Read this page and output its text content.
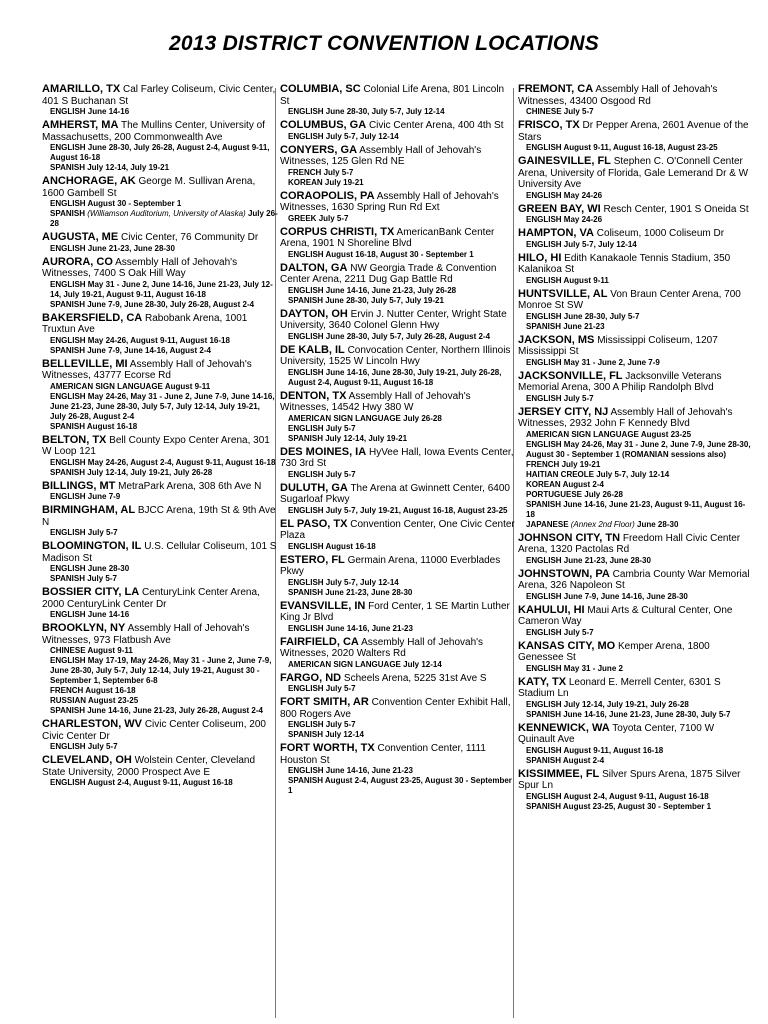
2013 DISTRICT CONVENTION LOCATIONS
AMARILLO, TX Cal Farley Coliseum, Civic Center, 401 S Buchanan St
ENGLISH June 14-16
AMHERST, MA The Mullins Center, University of Massachusetts, 200 Commonwealth Ave
ENGLISH June 28-30, July 26-28, August 2-4, August 9-11, August 16-18
SPANISH July 12-14, July 19-21
ANCHORAGE, AK George M. Sullivan Arena, 1600 Gambell St
ENGLISH August 30 - September 1
SPANISH (Williamson Auditorium, University of Alaska) July 26-28
AUGUSTA, ME Civic Center, 76 Community Dr
ENGLISH June 21-23, June 28-30
AURORA, CO Assembly Hall of Jehovah's Witnesses, 7400 S Oak Hill Way
ENGLISH May 31 - June 2, June 14-16, June 21-23, July 12-14, July 19-21, August 9-11, August 16-18
SPANISH June 7-9, June 28-30, July 26-28, August 2-4
BAKERSFIELD, CA Rabobank Arena, 1001 Truxtun Ave
ENGLISH May 24-26, August 9-11, August 16-18
SPANISH June 7-9, June 14-16, August 2-4
BELLEVILLE, MI Assembly Hall of Jehovah's Witnesses, 43777 Ecorse Rd
AMERICAN SIGN LANGUAGE August 9-11
ENGLISH May 24-26, May 31 - June 2, June 7-9, June 14-16, June 21-23, June 28-30, July 5-7, July 12-14, July 19-21, July 26-28, August 2-4
SPANISH August 16-18
BELTON, TX Bell County Expo Center Arena, 301 W Loop 121
ENGLISH May 24-26, August 2-4, August 9-11, August 16-18
SPANISH July 12-14, July 19-21, July 26-28
BILLINGS, MT MetraPark Arena, 308 6th Ave N
ENGLISH June 7-9
BIRMINGHAM, AL BJCC Arena, 19th St & 9th Ave N
ENGLISH July 5-7
BLOOMINGTON, IL U.S. Cellular Coliseum, 101 S Madison St
ENGLISH June 28-30
SPANISH July 5-7
BOSSIER CITY, LA CenturyLink Center Arena, 2000 CenturyLink Center Dr
ENGLISH June 14-16
BROOKLYN, NY Assembly Hall of Jehovah's Witnesses, 973 Flatbush Ave
CHINESE August 9-11
ENGLISH May 17-19, May 24-26, May 31 - June 2, June 7-9, June 28-30, July 5-7, July 12-14, July 19-21, August 30 - September 1, September 6-8
FRENCH August 16-18
RUSSIAN August 23-25
SPANISH June 14-16, June 21-23, July 26-28, August 2-4
CHARLESTON, WV Civic Center Coliseum, 200 Civic Center Dr
ENGLISH July 5-7
CLEVELAND, OH Wolstein Center, Cleveland State University, 2000 Prospect Ave E
ENGLISH August 2-4, August 9-11, August 16-18
COLUMBIA, SC Colonial Life Arena, 801 Lincoln St
ENGLISH June 28-30, July 5-7, July 12-14
COLUMBUS, GA Civic Center Arena, 400 4th St
ENGLISH July 5-7, July 12-14
CONYERS, GA Assembly Hall of Jehovah's Witnesses, 125 Glen Rd NE
FRENCH July 5-7
KOREAN July 19-21
CORAOPOLIS, PA Assembly Hall of Jehovah's Witnesses, 1630 Spring Run Rd Ext
GREEK July 5-7
CORPUS CHRISTI, TX AmericanBank Center Arena, 1901 N Shoreline Blvd
ENGLISH August 16-18, August 30 - September 1
DALTON, GA NW Georgia Trade & Convention Center Arena, 2211 Dug Gap Battle Rd
ENGLISH June 14-16, June 21-23, July 26-28
SPANISH June 28-30, July 5-7, July 19-21
DAYTON, OH Ervin J. Nutter Center, Wright State University, 3640 Colonel Glenn Hwy
ENGLISH June 28-30, July 5-7, July 26-28, August 2-4
DE KALB, IL Convocation Center, Northern Illinois University, 1525 W Lincoln Hwy
ENGLISH June 14-16, June 28-30, July 19-21, July 26-28, August 2-4, August 9-11, August 16-18
DENTON, TX Assembly Hall of Jehovah's Witnesses, 14542 Hwy 380 W
AMERICAN SIGN LANGUAGE July 26-28
ENGLISH July 5-7
SPANISH July 12-14, July 19-21
DES MOINES, IA HyVee Hall, Iowa Events Center, 730 3rd St
ENGLISH July 5-7
DULUTH, GA The Arena at Gwinnett Center, 6400 Sugarloaf Pkwy
ENGLISH July 5-7, July 19-21, August 16-18, August 23-25
EL PASO, TX Convention Center, One Civic Center Plaza
ENGLISH August 16-18
ESTERO, FL Germain Arena, 11000 Everblades Pkwy
ENGLISH July 5-7, July 12-14
SPANISH June 21-23, June 28-30
EVANSVILLE, IN Ford Center, 1 SE Martin Luther King Jr Blvd
ENGLISH June 14-16, June 21-23
FAIRFIELD, CA Assembly Hall of Jehovah's Witnesses, 2020 Walters Rd
AMERICAN SIGN LANGUAGE July 12-14
FARGO, ND Scheels Arena, 5225 31st Ave S
ENGLISH July 5-7
FORT SMITH, AR Convention Center Exhibit Hall, 800 Rogers Ave
ENGLISH July 5-7
SPANISH July 12-14
FORT WORTH, TX Convention Center, 1111 Houston St
ENGLISH June 14-16, June 21-23
SPANISH August 2-4, August 23-25, August 30 - September 1
FREMONT, CA Assembly Hall of Jehovah's Witnesses, 43400 Osgood Rd
CHINESE July 5-7
FRISCO, TX Dr Pepper Arena, 2601 Avenue of the Stars
ENGLISH August 9-11, August 16-18, August 23-25
GAINESVILLE, FL Stephen C. O'Connell Center Arena, University of Florida, Gale Lemerand Dr & W University Ave
ENGLISH May 24-26
GREEN BAY, WI Resch Center, 1901 S Oneida St
ENGLISH May 24-26
HAMPTON, VA Coliseum, 1000 Coliseum Dr
ENGLISH July 5-7, July 12-14
HILO, HI Edith Kanakaole Tennis Stadium, 350 Kalanikoa St
ENGLISH August 9-11
HUNTSVILLE, AL Von Braun Center Arena, 700 Monroe St SW
ENGLISH June 28-30, July 5-7
SPANISH June 21-23
JACKSON, MS Mississippi Coliseum, 1207 Mississippi St
ENGLISH May 31 - June 2, June 7-9
JACKSONVILLE, FL Jacksonville Veterans Memorial Arena, 300 A Philip Randolph Blvd
ENGLISH July 5-7
JERSEY CITY, NJ Assembly Hall of Jehovah's Witnesses, 2932 John F Kennedy Blvd
AMERICAN SIGN LANGUAGE August 23-25
ENGLISH May 24-26, May 31 - June 2, June 7-9, June 28-30, August 30 - September 1 (ROMANIAN sessions also)
FRENCH July 19-21
HAITIAN CREOLE July 5-7, July 12-14
KOREAN August 2-4
PORTUGUESE July 26-28
SPANISH June 14-16, June 21-23, August 9-11, August 16-18
JAPANESE (Annex 2nd Floor) June 28-30
JOHNSON CITY, TN Freedom Hall Civic Center Arena, 1320 Pactolas Rd
ENGLISH June 21-23, June 28-30
JOHNSTOWN, PA Cambria County War Memorial Arena, 326 Napoleon St
ENGLISH June 7-9, June 14-16, June 28-30
KAHULUI, HI Maui Arts & Cultural Center, One Cameron Way
ENGLISH July 5-7
KANSAS CITY, MO Kemper Arena, 1800 Genessee St
ENGLISH May 31 - June 2
KATY, TX Leonard E. Merrell Center, 6301 S Stadium Ln
ENGLISH July 12-14, July 19-21, July 26-28
SPANISH June 14-16, June 21-23, June 28-30, July 5-7
KENNEWICK, WA Toyota Center, 7100 W Quinault Ave
ENGLISH August 9-11, August 16-18
SPANISH August 2-4
KISSIMMEE, FL Silver Spurs Arena, 1875 Silver Spur Ln
ENGLISH August 2-4, August 9-11, August 16-18
SPANISH August 23-25, August 30 - September 1
